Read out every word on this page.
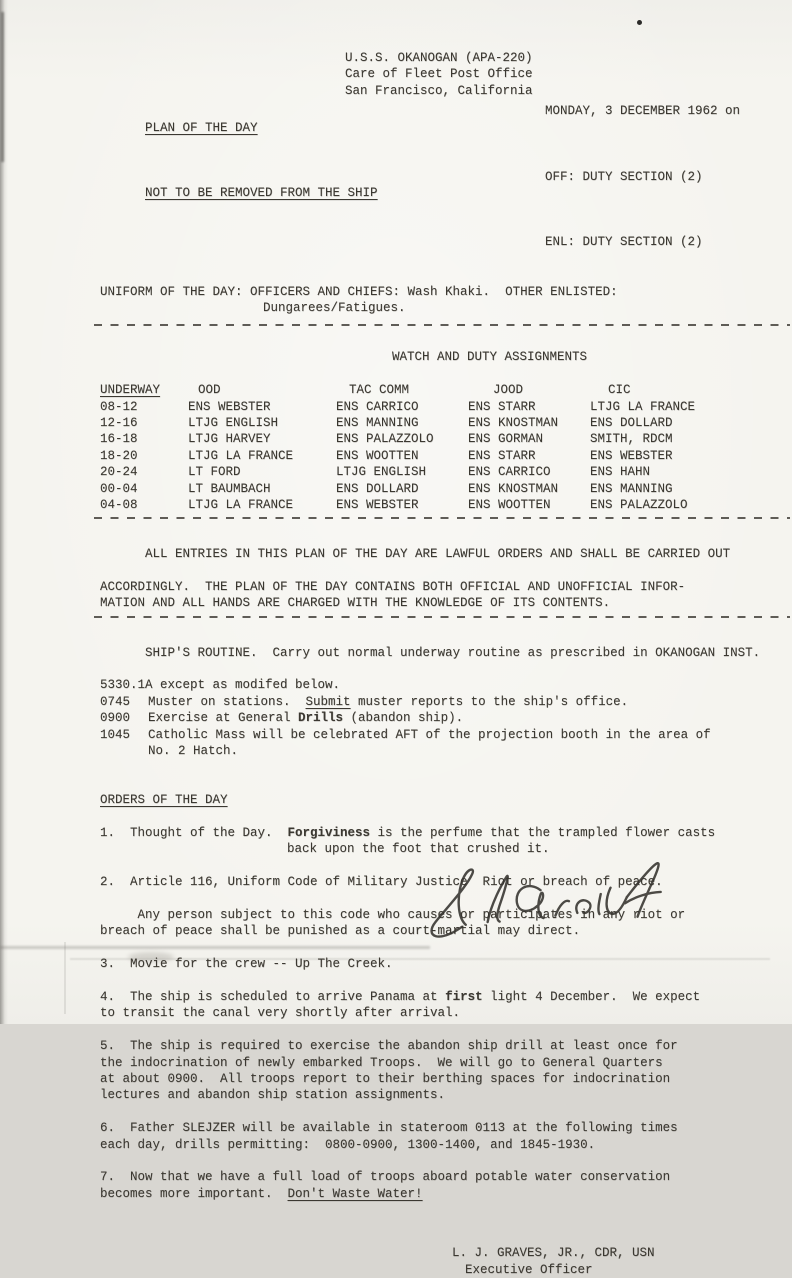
U.S.S. OKANOGAN (APA-220)
Care of Fleet Post Office
San Francisco, California

PLAN OF THE DAY

MONDAY, 3 DECEMBER 1962 on

NOT TO BE REMOVED FROM THE SHIP

OFF: DUTY SECTION (2)

ENL: DUTY SECTION (2)

UNIFORM OF THE DAY: OFFICERS AND CHIEFS: Wash Khaki.  OTHER ENLISTED:
Dungarees/Fatigues.

WATCH AND DUTY ASSIGNMENTS

UNDERWAY	OOD	TAC COMM	JOOD	CIC
08-12	ENS WEBSTER	ENS CARRICO	ENS STARR	LTJG LA FRANCE
12-16	LTJG ENGLISH	ENS MANNING	ENS KNOSTMAN	ENS DOLLARD
16-18	LTJG HARVEY	ENS PALAZZOLO	ENS GORMAN	SMITH, RDCM
18-20	LTJG LA FRANCE	ENS WOOTTEN	ENS STARR	ENS WEBSTER
20-24	LT FORD	LTJG ENGLISH	ENS CARRICO	ENS HAHN
00-04	LT BAUMBACH	ENS DOLLARD	ENS KNOSTMAN	ENS MANNING
04-08	LTJG LA FRANCE	ENS WEBSTER	ENS WOOTTEN	ENS PALAZZOLO

ALL ENTRIES IN THIS PLAN OF THE DAY ARE LAWFUL ORDERS AND SHALL BE CARRIED OUT

ACCORDINGLY.  THE PLAN OF THE DAY CONTAINS BOTH OFFICIAL AND UNOFFICIAL INFOR-
MATION AND ALL HANDS ARE CHARGED WITH THE KNOWLEDGE OF ITS CONTENTS.

SHIP'S ROUTINE.  Carry out normal underway routine as prescribed in OKANOGAN INST.

5330.1A except as modifed below.
0745	Muster on stations.  Submit muster reports to the ship's office.
0900	Exercise at General Drills (abandon ship).
1045	Catholic Mass will be celebrated AFT of the projection booth in the area of
No. 2 Hatch.
ORDERS OF THE DAY
1.  Thought of the Day.  Forgiviness is the perfume that the trampled flower casts
back upon the foot that crushed it.
2.  Article 116, Uniform Code of Military Justice  Riot or breach of peace.
Any person subject to this code who causes or participates in any riot or
breach of peace shall be punished as a court-martial may direct.
3.  Movie for the crew -- Up The Creek.
4.  The ship is scheduled to arrive Panama at first light 4 December.  We expect
to transit the canal very shortly after arrival.
5.  The ship is required to exercise the abandon ship drill at least once for
the indocrination of newly embarked Troops.  We will go to General Quarters
at about 0900.  All troops report to their berthing spaces for indocrination
lectures and abandon ship station assignments.
6.  Father SLEJZER will be available in stateroom 0113 at the following times
each day, drills permitting:  0800-0900, 1300-1400, and 1845-1930.
7.  Now that we have a full load of troops aboard potable water conservation
becomes more important.  Don't Waste Water!
L. J. GRAVES, JR., CDR, USN
Executive Officer
